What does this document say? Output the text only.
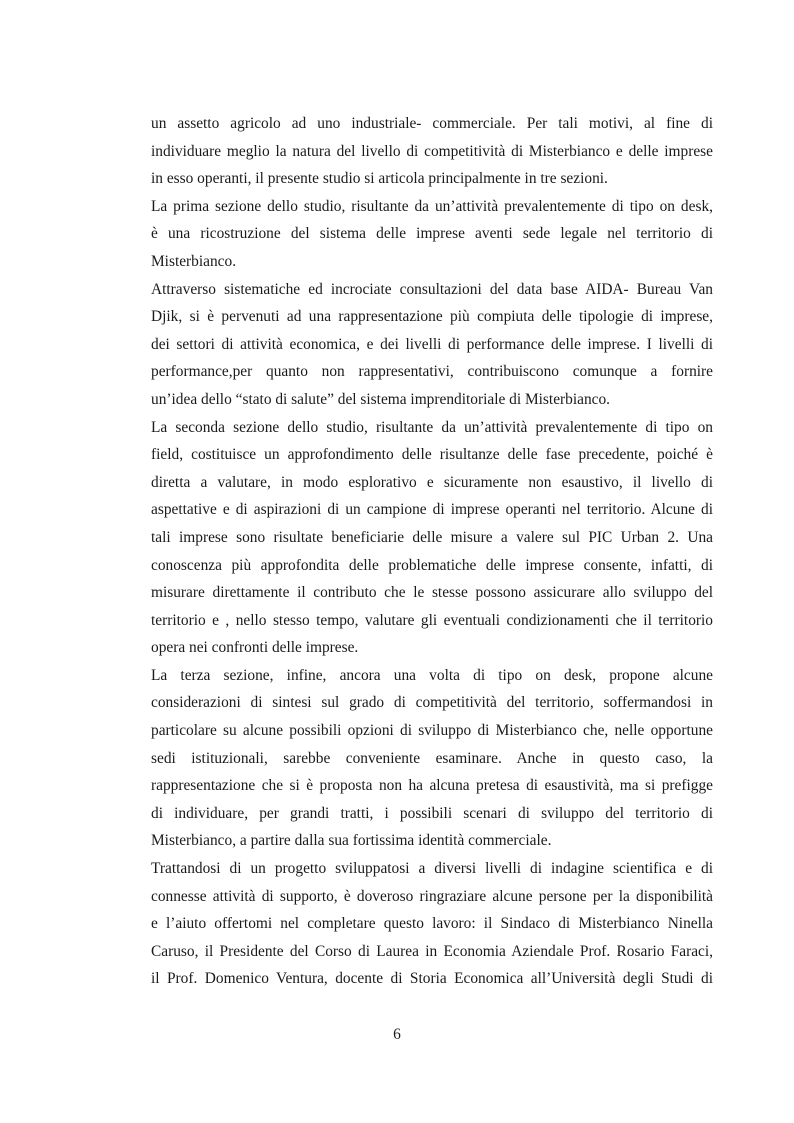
un assetto agricolo ad uno industriale- commerciale. Per tali motivi, al fine di
individuare meglio la natura del livello di competitività di Misterbianco e delle imprese
in esso operanti, il presente studio si articola principalmente in tre sezioni.

La prima sezione dello studio, risultante da un’attività prevalentemente di tipo on desk,
è una ricostruzione del sistema delle imprese aventi sede legale nel territorio di
Misterbianco.

Attraverso sistematiche ed incrociate consultazioni del data base AIDA- Bureau Van
Djik, si è pervenuti ad una rappresentazione più compiuta delle tipologie di imprese,
dei settori di attività economica, e dei livelli di performance delle imprese. I livelli di
performance,per quanto non rappresentativi, contribuiscono comunque a fornire
un’idea dello “stato di salute” del sistema imprenditoriale di Misterbianco.

La seconda sezione dello studio, risultante da un’attività prevalentemente di tipo on
field, costituisce un approfondimento delle risultanze delle fase precedente, poiché è
diretta a valutare, in modo esplorativo e sicuramente non esaustivo, il livello di
aspettative e di aspirazioni di un campione di imprese operanti nel territorio. Alcune di
tali imprese sono risultate beneficiarie delle misure a valere sul PIC Urban 2. Una
conoscenza più approfondita delle problematiche delle imprese consente, infatti, di
misurare direttamente il contributo che le stesse possono assicurare allo sviluppo del
territorio e , nello stesso tempo, valutare gli eventuali condizionamenti che il territorio
opera nei confronti delle imprese.

La terza sezione, infine, ancora una volta di tipo on desk, propone alcune
considerazioni di sintesi sul grado di competitività del territorio, soffermandosi in
particolare su alcune possibili opzioni di sviluppo di Misterbianco che, nelle opportune
sedi istituzionali, sarebbe conveniente esaminare. Anche in questo caso, la
rappresentazione che si è proposta non ha alcuna pretesa di esaustività, ma si prefigge
di individuare, per grandi tratti, i possibili scenari di sviluppo del territorio di
Misterbianco, a partire dalla sua fortissima identità commerciale.

Trattandosi di un progetto sviluppatosi a diversi livelli di indagine scientifica e di
connesse attività di supporto, è doveroso ringraziare alcune persone per la disponibilità
e l’aiuto offertomi nel completare questo lavoro: il Sindaco di Misterbianco Ninella
Caruso, il Presidente del Corso di Laurea in Economia Aziendale Prof. Rosario Faraci,
il Prof. Domenico Ventura, docente di Storia Economica all’Università degli Studi di

6
